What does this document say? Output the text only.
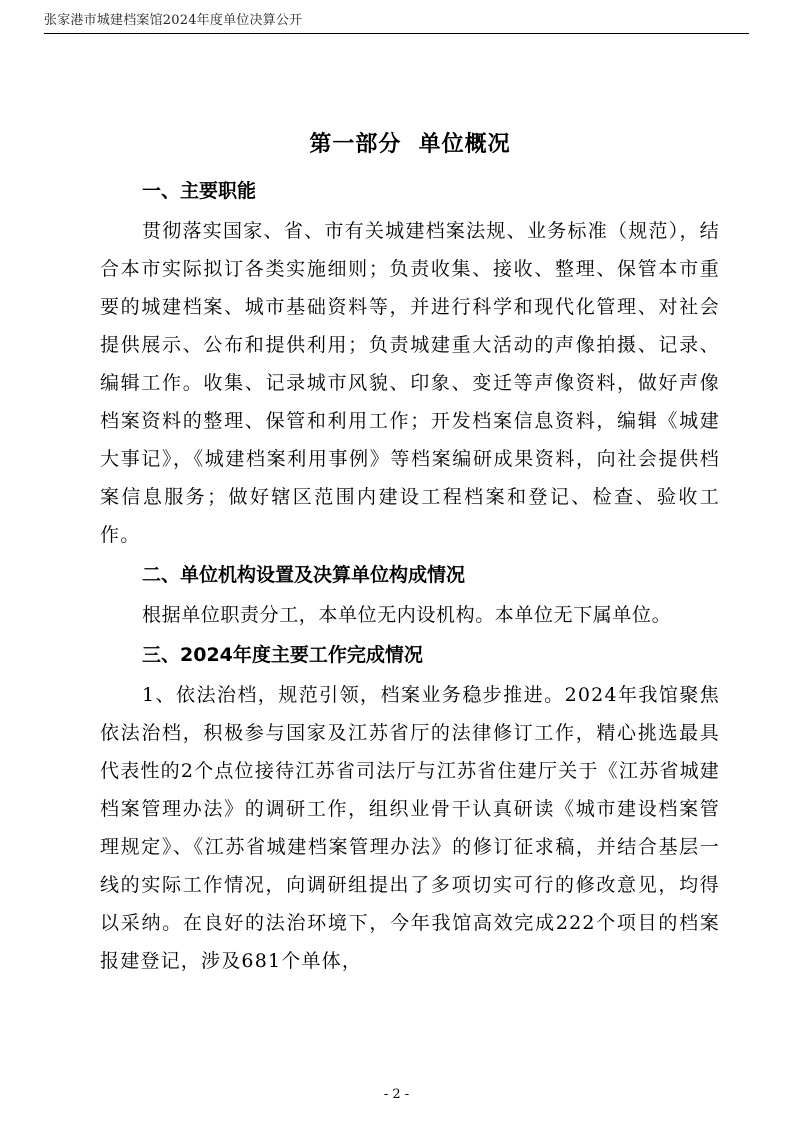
张家港市城建档案馆2024年度单位决算公开
第一部分  单位概况
一、主要职能

贯彻落实国家、省、市有关城建档案法规、业务标准（规范），结合本市实际拟订各类实施细则；负责收集、接收、整理、保管本市重要的城建档案、城市基础资料等，并进行科学和现代化管理、对社会提供展示、公布和提供利用；负责城建重大活动的声像拍摄、记录、编辑工作。收集、记录城市风貌、印象、变迁等声像资料，做好声像档案资料的整理、保管和利用工作；开发档案信息资料，编辑《城建大事记》，《城建档案利用事例》等档案编研成果资料，向社会提供档案信息服务；做好辖区范围内建设工程档案和登记、检查、验收工作。

二、单位机构设置及决算单位构成情况

根据单位职责分工，本单位无内设机构。本单位无下属单位。

三、2024年度主要工作完成情况

1、依法治档，规范引领，档案业务稳步推进。2024年我馆聚焦依法治档，积极参与国家及江苏省厅的法律修订工作，精心挑选最具代表性的2个点位接待江苏省司法厅与江苏省住建厅关于《江苏省城建档案管理办法》的调研工作，组织业骨干认真研读《城市建设档案管理规定》、《江苏省城建档案管理办法》的修订征求稿，并结合基层一线的实际工作情况，向调研组提出了多项切实可行的修改意见，均得以采纳。在良好的法治环境下，今年我馆高效完成222个项目的档案报建登记，涉及681个单体，

- 2 -
